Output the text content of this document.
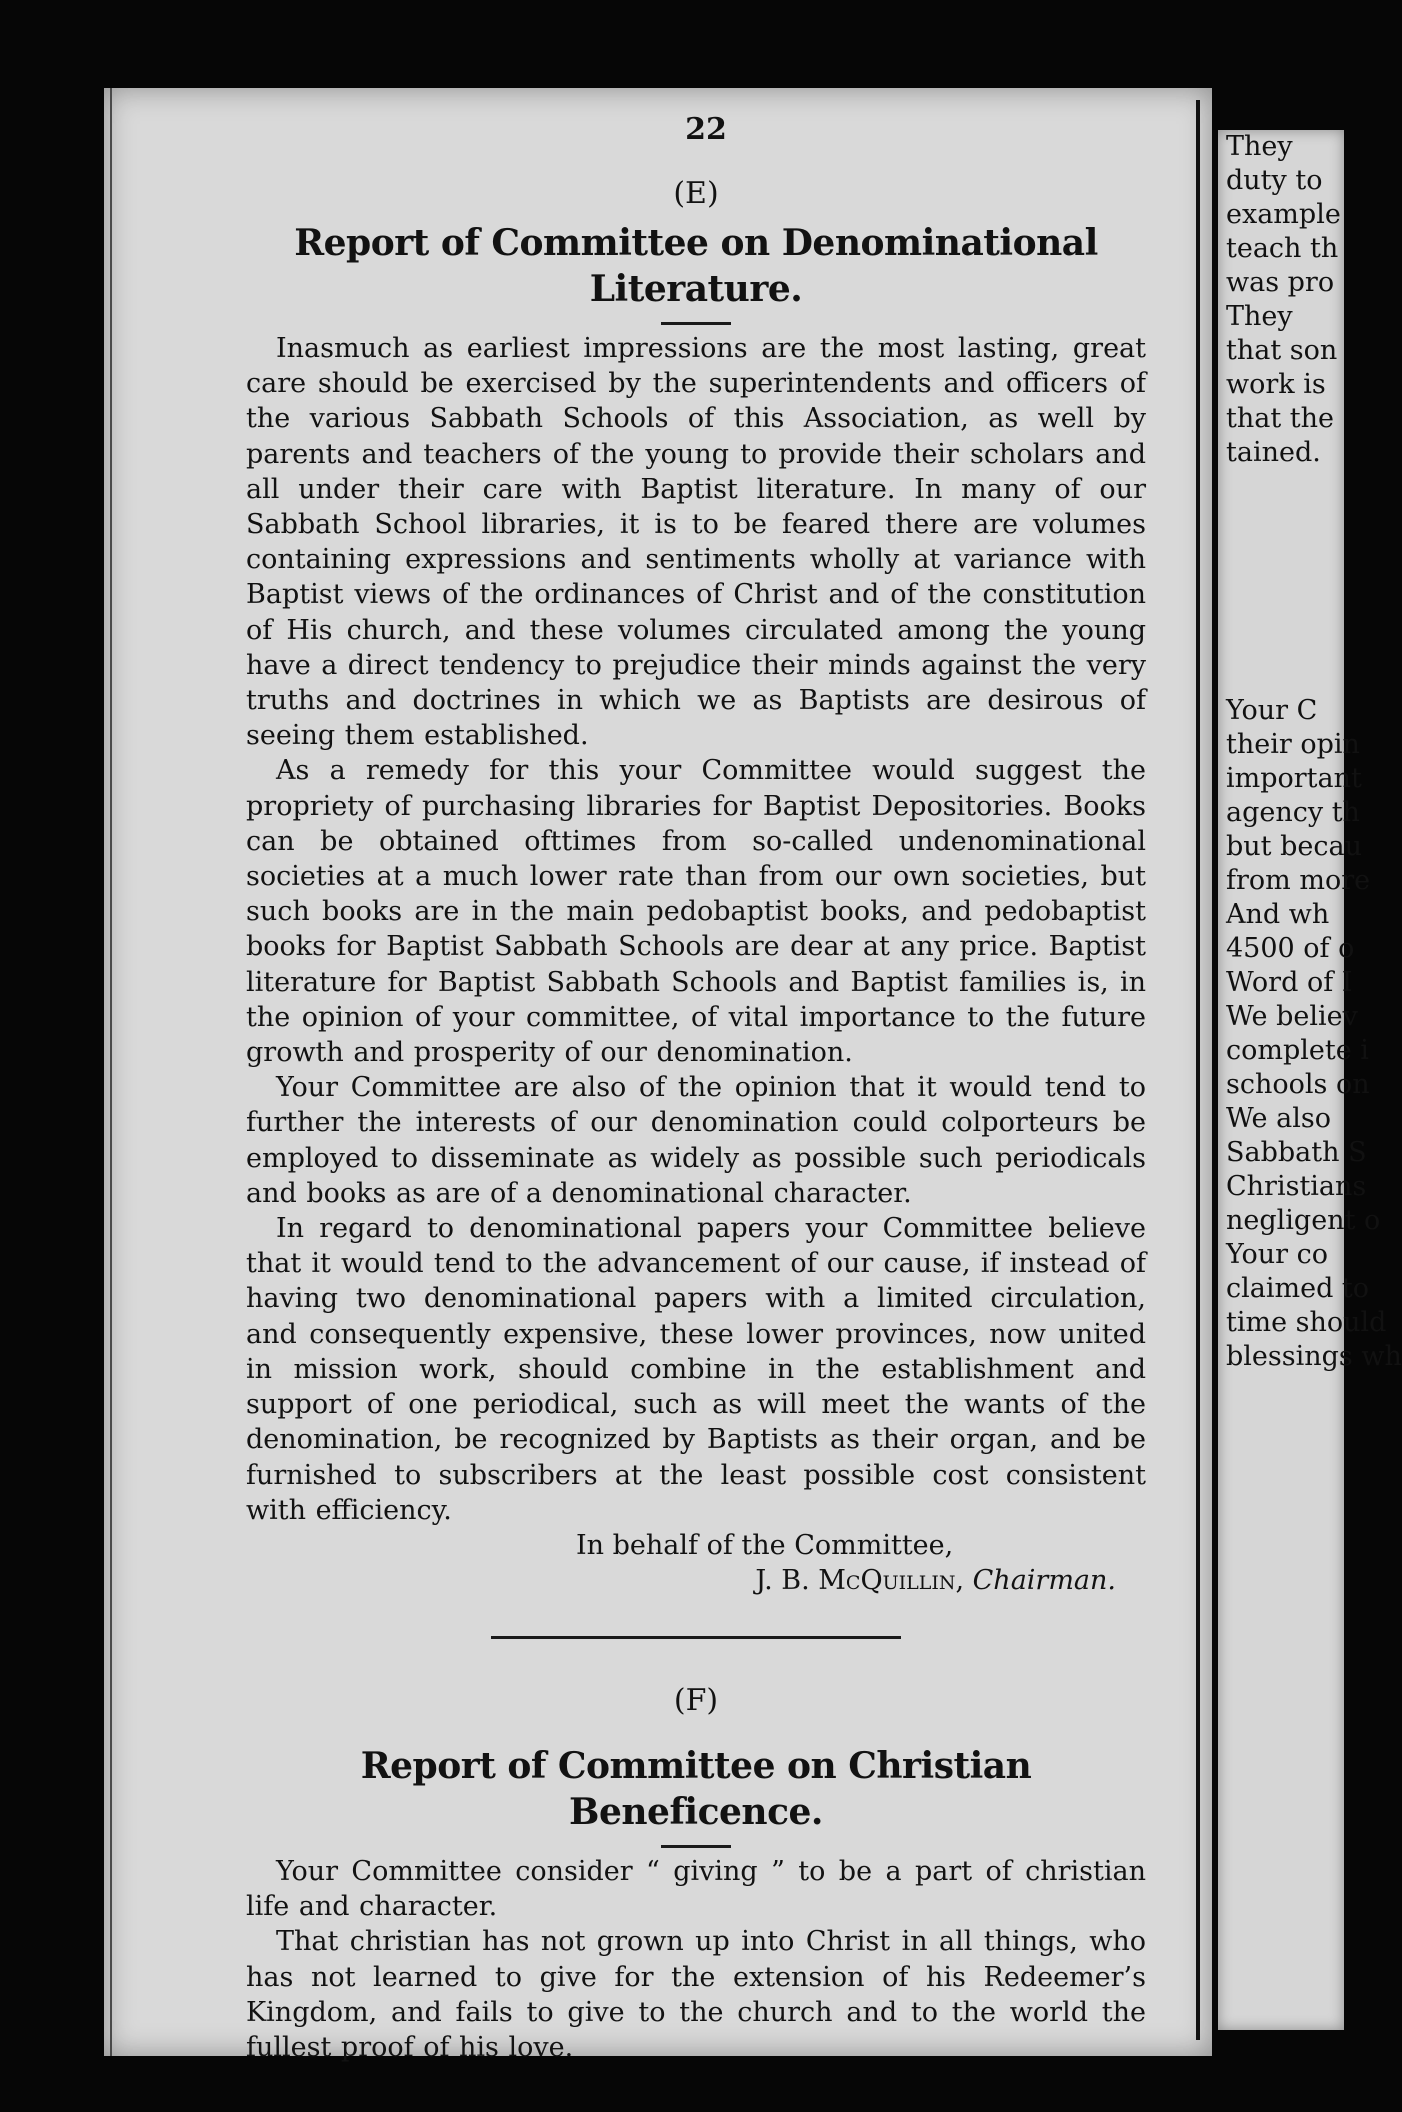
22
(E)
Report of Committee on Denominational Literature.

Inasmuch as earliest impressions are the most lasting, great care should be exercised by the superintendents and officers of the various Sabbath Schools of this Association, as well by parents and teachers of the young to provide their scholars and all under their care with Baptist literature. In many of our Sabbath School libraries, it is to be feared there are volumes containing expressions and sentiments wholly at variance with Baptist views of the ordinances of Christ and of the constitution of His church, and these volumes circulated among the young have a direct tendency to prejudice their minds against the very truths and doctrines in which we as Baptists are desirous of seeing them established.

As a remedy for this your Committee would suggest the propriety of purchasing libraries for Baptist Depositories. Books can be obtained ofttimes from so-called undenominational societies at a much lower rate than from our own societies, but such books are in the main pedobaptist books, and pedobaptist books for Baptist Sabbath Schools are dear at any price. Baptist literature for Baptist Sabbath Schools and Baptist families is, in the opinion of your committee, of vital importance to the future growth and prosperity of our denomination.

Your Committee are also of the opinion that it would tend to further the interests of our denomination could colporteurs be employed to disseminate as widely as possible such periodicals and books as are of a denominational character.

In regard to denominational papers your Committee believe that it would tend to the advancement of our cause, if instead of having two denominational papers with a limited circulation, and consequently expensive, these lower provinces, now united in mission work, should combine in the establishment and support of one periodical, such as will meet the wants of the denomination, be recognized by Baptists as their organ, and be furnished to subscribers at the least possible cost consistent with efficiency.

In behalf of the Committee,

J. B. McQuillin, Chairman.

(F)
Report of Committee on Christian Beneficence.

Your Committee consider “ giving ” to be a part of christian life and character.

That christian has not grown up into Christ in all things, who has not learned to give for the extension of his Redeemer’s Kingdom, and fails to give to the church and to the world the fullest proof of his love.

They
duty to
example
teach th
was pro
They
that son
work is
that the
tained.
Your C
their opin
important
agency th
but becau
from more
And wh
4500 of o
Word of I
We believ
complete i
schools on
We also
Sabbath S
Christians
negligent o
Your co
claimed to
time should
blessings wh
